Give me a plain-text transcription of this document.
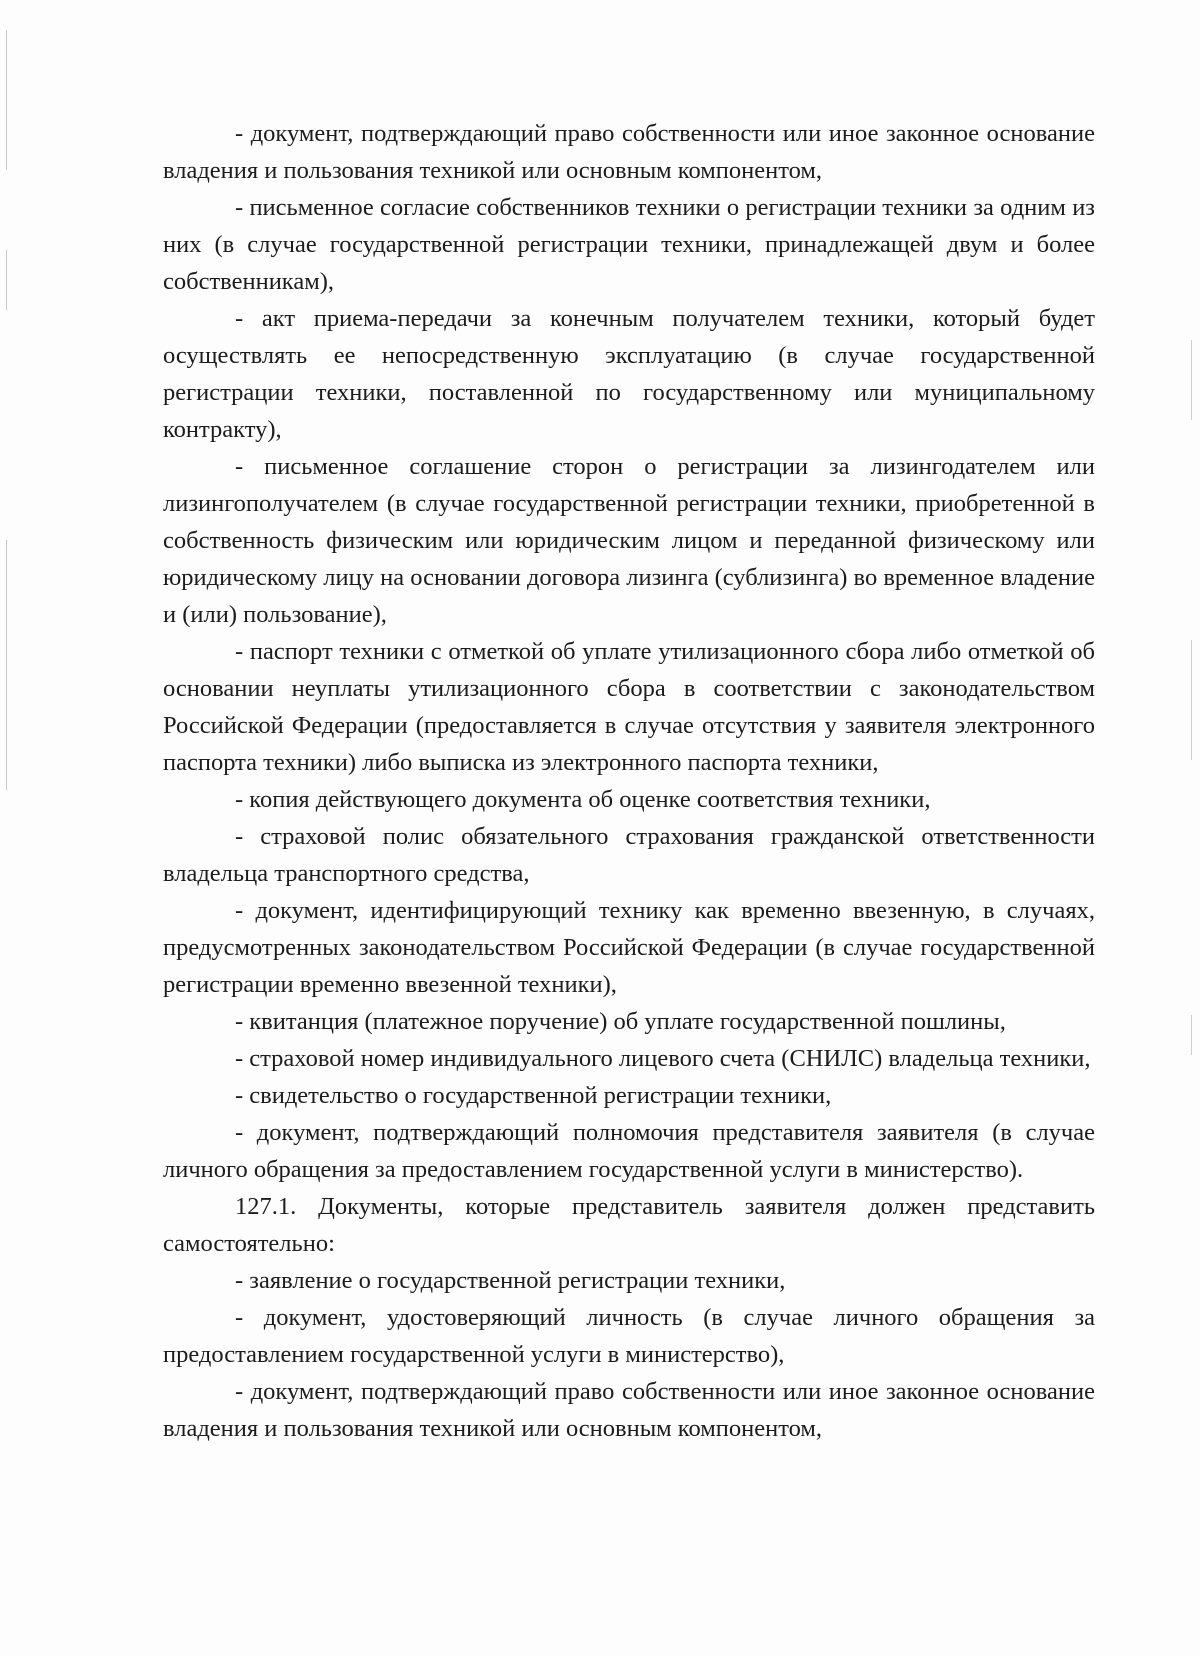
- документ, подтверждающий право собственности или иное законное основание владения и пользования техникой или основным компонентом,

- письменное согласие собственников техники о регистрации техники за одним из них (в случае государственной регистрации техники, принадлежащей двум и более собственникам),

- акт приема-передачи за конечным получателем техники, который будет осуществлять ее непосредственную эксплуатацию (в случае государственной регистрации техники, поставленной по государственному или муниципальному контракту),

- письменное соглашение сторон о регистрации за лизингодателем или лизингополучателем (в случае государственной регистрации техники, приобретенной в собственность физическим или юридическим лицом и переданной физическому или юридическому лицу на основании договора лизинга (сублизинга) во временное владение и (или) пользование),

- паспорт техники с отметкой об уплате утилизационного сбора либо отметкой об основании неуплаты утилизационного сбора в соответствии с законодательством Российской Федерации (предоставляется в случае отсутствия у заявителя электронного паспорта техники) либо выписка из электронного паспорта техники,

- копия действующего документа об оценке соответствия техники,

- страховой полис обязательного страхования гражданской ответственности владельца транспортного средства,

- документ, идентифицирующий технику как временно ввезенную, в случаях, предусмотренных законодательством Российской Федерации (в случае государственной регистрации временно ввезенной техники),

- квитанция (платежное поручение) об уплате государственной пошлины,

- страховой номер индивидуального лицевого счета (СНИЛС) владельца техники,

- свидетельство о государственной регистрации техники,

- документ, подтверждающий полномочия представителя заявителя (в случае личного обращения за предоставлением государственной услуги в министерство).

127.1. Документы, которые представитель заявителя должен представить самостоятельно:

- заявление о государственной регистрации техники,

- документ, удостоверяющий личность (в случае личного обращения за предоставлением государственной услуги в министерство),

- документ, подтверждающий право собственности или иное законное основание владения и пользования техникой или основным компонентом,
